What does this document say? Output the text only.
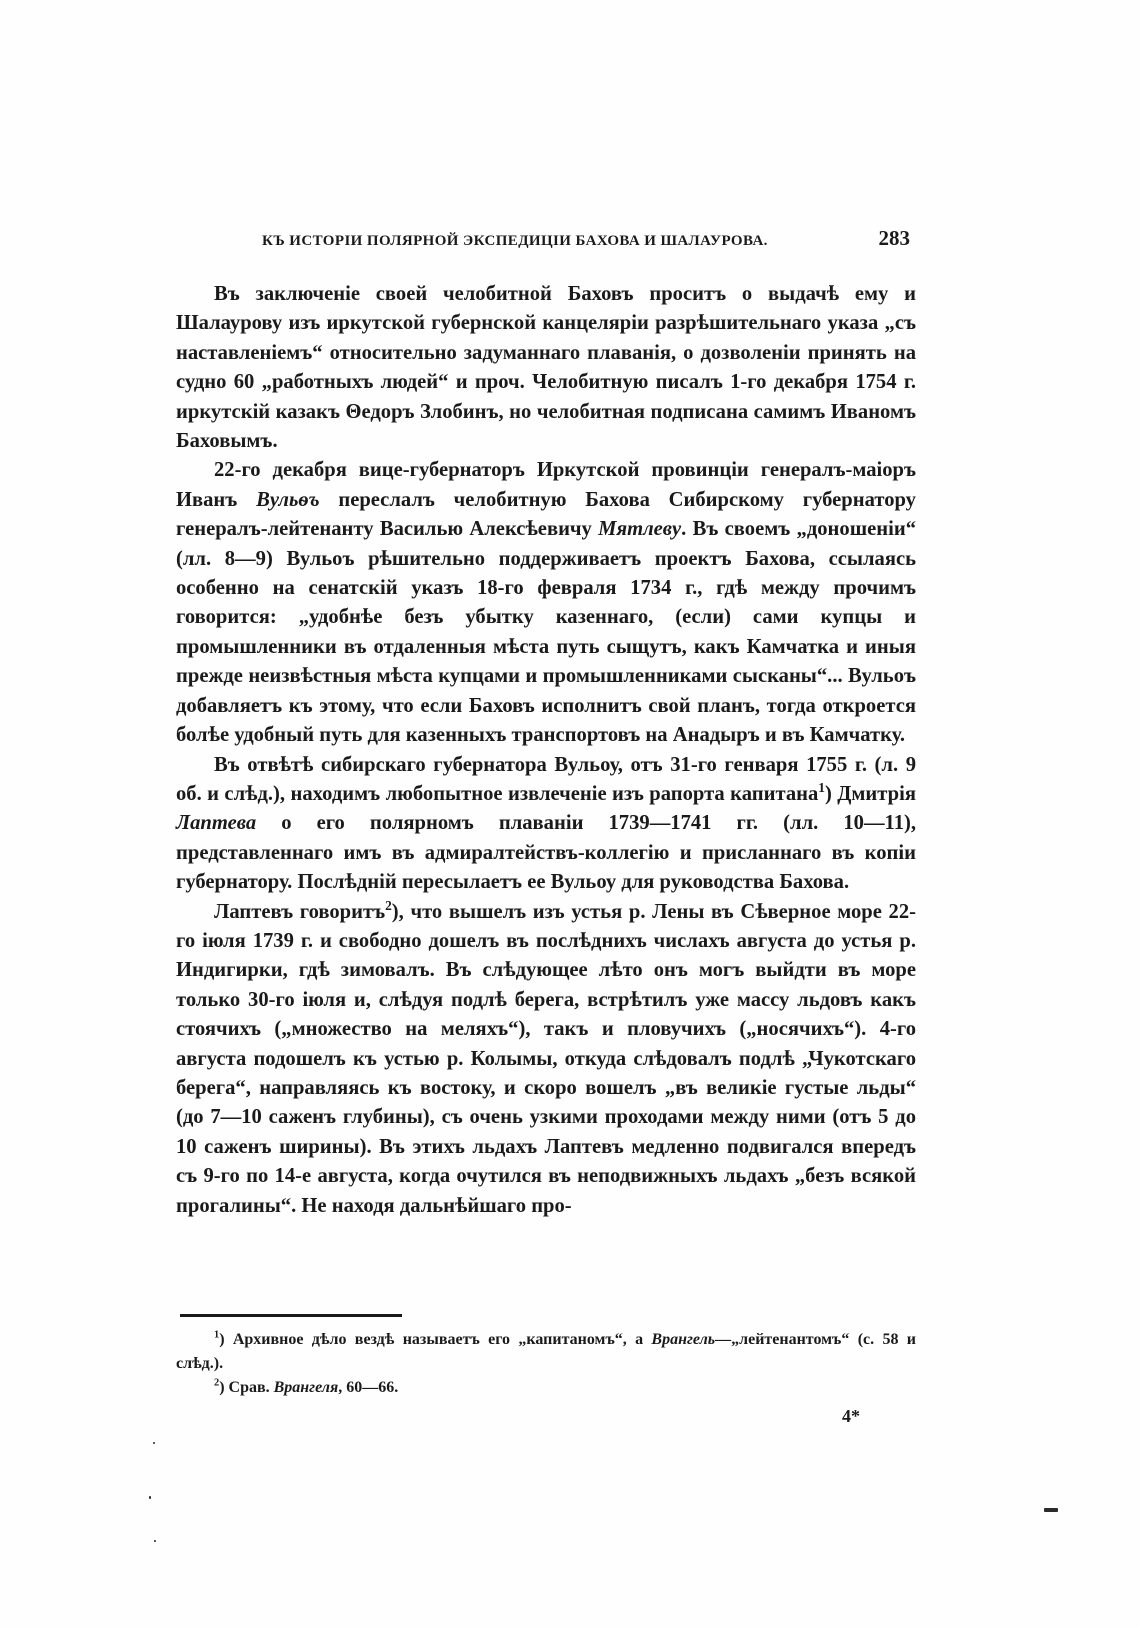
КЪ ИСТОРІИ ПОЛЯРНОЙ ЭКСПЕДИЦІИ БАХОВА И ШАЛАУРОВА.	283

Въ заключеніе своей челобитной Баховъ проситъ о выдачѣ ему и Шалаурову изъ иркутской губернской канцеляріи разрѣшительнаго указа „съ наставленіемъ“ относительно задуманнаго плаванія, о дозволеніи принять на судно 60 „работныхъ людей“ и проч. Челобитную писалъ 1-го декабря 1754 г. иркутскій казакъ Θедоръ Злобинъ, но челобитная подписана самимъ Иваномъ Баховымъ.

22-го декабря вице-губернаторъ Иркутской провинціи генералъ-маіоръ Иванъ Вульѳъ переслалъ челобитную Бахова Сибирскому губернатору генералъ-лейтенанту Василью Алексѣевичу Мятлеву. Въ своемъ „доношеніи“ (лл. 8—9) Вульоъ рѣшительно поддерживаетъ проектъ Бахова, ссылаясь особенно на сенатскій указъ 18-го февраля 1734 г., гдѣ между прочимъ говорится: „удобнѣе безъ убытку казеннаго, (если) сами купцы и промышленники въ отдаленныя мѣста путь сыщутъ, какъ Камчатка и иныя прежде неизвѣстныя мѣста купцами и промышленниками сысканы“... Вульоъ добавляетъ къ этому, что если Баховъ исполнитъ свой планъ, тогда откроется болѣе удобный путь для казенныхъ транспортовъ на Анадыръ и въ Камчатку.

Въ отвѣтѣ сибирскаго губернатора Вульоу, отъ 31-го генваря 1755 г. (л. 9 об. и слѣд.), находимъ любопытное извлеченіе изъ рапорта капитана$^1$) Дмитрія Лаптева о его полярномъ плаваніи 1739—1741 гг. (лл. 10—11), представленнаго имъ въ адмиралтействъ-коллегію и присланнаго въ копіи губернатору. Послѣдній пересылаетъ ее Вульоу для руководства Бахова.

Лаптевъ говоритъ$^2$), что вышелъ изъ устья р. Лены въ Сѣверное море 22-го іюля 1739 г. и свободно дошелъ въ послѣднихъ числахъ августа до устья р. Индигирки, гдѣ зимовалъ. Въ слѣдующее лѣто онъ могъ выйдти въ море только 30-го іюля и, слѣдуя подлѣ берега, встрѣтилъ уже массу льдовъ какъ стоячихъ („множество на меляхъ“), такъ и пловучихъ („носячихъ“). 4-го августа подошелъ къ устью р. Колымы, откуда слѣдовалъ подлѣ „Чукотскаго берега“, направляясь къ востоку, и скоро вошелъ „въ великіе густые льды“ (до 7—10 саженъ глубины), съ очень узкими проходами между ними (отъ 5 до 10 саженъ ширины). Въ этихъ льдахъ Лаптевъ медленно подвигался впередъ съ 9-го по 14-е августа, когда очутился въ неподвижныхъ льдахъ „безъ всякой прогалины“. Не находя дальнѣйшаго про-

$^1$) Архивное дѣло вездѣ называетъ его „капитаномъ“, а Врангель—„лейтенантомъ“ (с. 58 и слѣд.).

$^2$) Срав. Врангеля, 60—66.

4*
